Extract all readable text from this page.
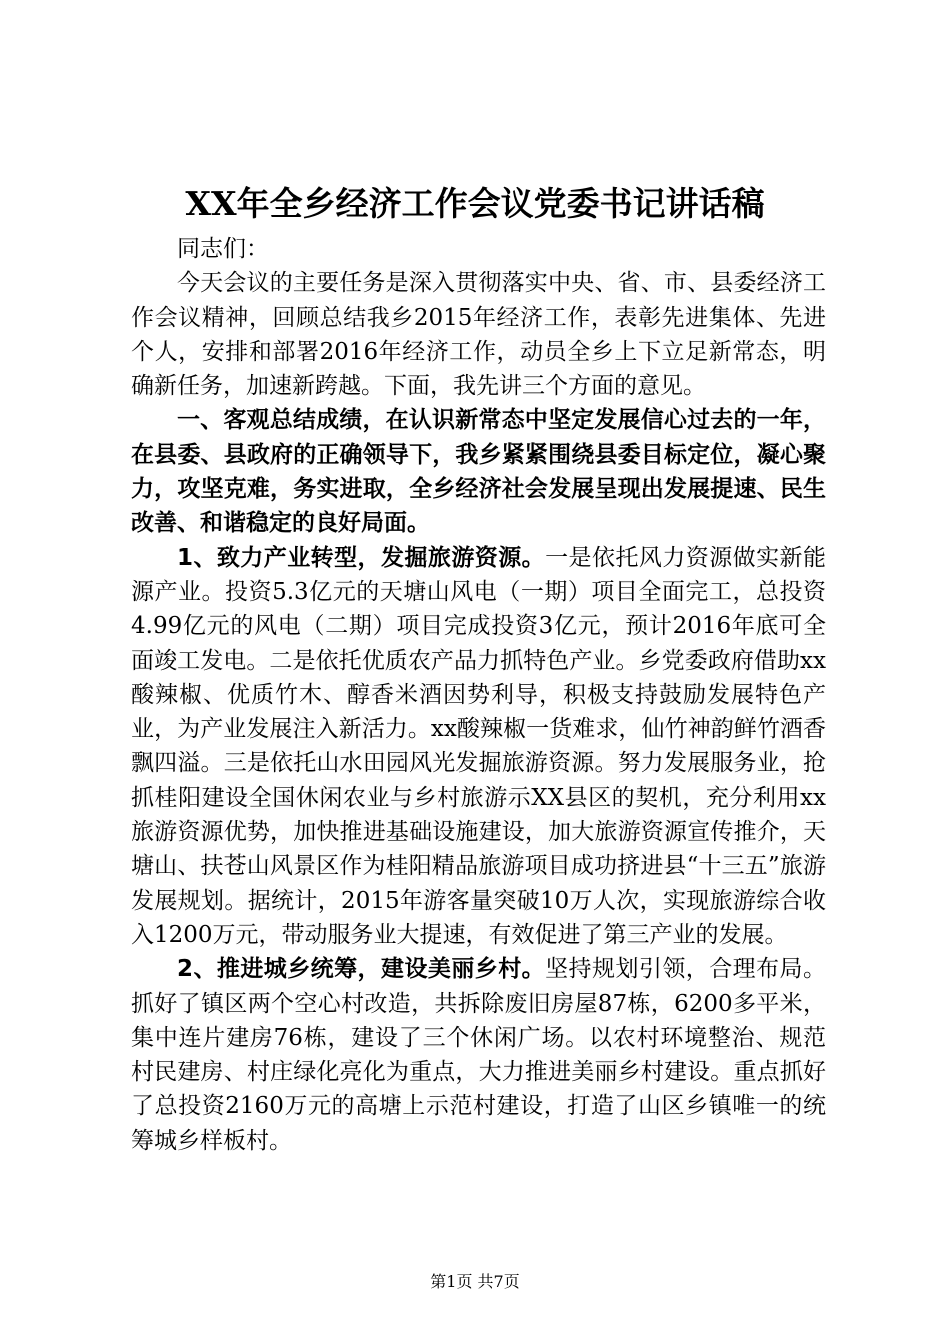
XX年全乡经济工作会议党委书记讲话稿

同志们：

今天会议的主要任务是深入贯彻落实中央、省、市、县委经济工作会议精神，回顾总结我乡2015年经济工作，表彰先进集体、先进个人，安排和部署2016年经济工作，动员全乡上下立足新常态，明确新任务，加速新跨越。下面，我先讲三个方面的意见。

一、客观总结成绩，在认识新常态中坚定发展信心过去的一年，在县委、县政府的正确领导下，我乡紧紧围绕县委目标定位，凝心聚力，攻坚克难，务实进取，全乡经济社会发展呈现出发展提速、民生改善、和谐稳定的良好局面。

1、致力产业转型，发掘旅游资源。一是依托风力资源做实新能源产业。投资5.3亿元的天塘山风电（一期）项目全面完工，总投资4.99亿元的风电（二期）项目完成投资3亿元，预计2016年底可全面竣工发电。二是依托优质农产品力抓特色产业。乡党委政府借助xx酸辣椒、优质竹木、醇香米酒因势利导，积极支持鼓励发展特色产业，为产业发展注入新活力。xx酸辣椒一货难求，仙竹神韵鲜竹酒香飘四溢。三是依托山水田园风光发掘旅游资源。努力发展服务业，抢抓桂阳建设全国休闲农业与乡村旅游示XX县区的契机，充分利用xx旅游资源优势，加快推进基础设施建设，加大旅游资源宣传推介，天塘山、扶苍山风景区作为桂阳精品旅游项目成功挤进县“十三五”旅游发展规划。据统计，2015年游客量突破10万人次，实现旅游综合收入1200万元，带动服务业大提速，有效促进了第三产业的发展。

2、推进城乡统筹，建设美丽乡村。坚持规划引领，合理布局。抓好了镇区两个空心村改造，共拆除废旧房屋87栋，6200多平米，集中连片建房76栋，建设了三个休闲广场。以农村环境整治、规范村民建房、村庄绿化亮化为重点，大力推进美丽乡村建设。重点抓好了总投资2160万元的高塘上示范村建设，打造了山区乡镇唯一的统筹城乡样板村。

第1页 共7页
